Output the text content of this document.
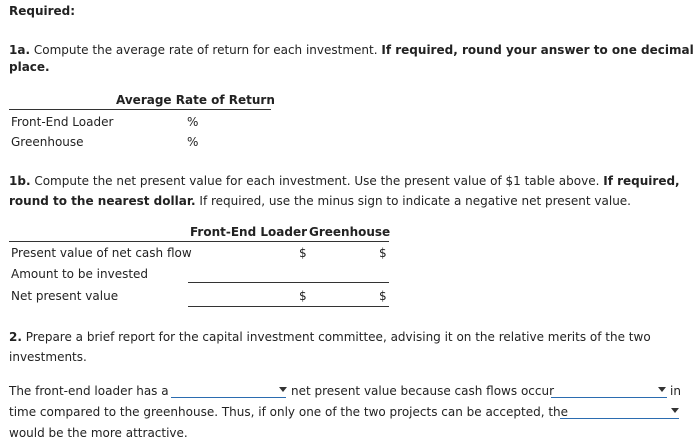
Required:
1a. Compute the average rate of return for each investment. If required, round your answer to one decimal
place.
Average Rate of Return
Front-End Loader	%
Greenhouse	%
1b. Compute the net present value for each investment. Use the present value of $1 table above. If required,
round to the nearest dollar. If required, use the minus sign to indicate a negative net present value.
Front-End Loader Greenhouse
Present value of net cash flow	$	$
Amount to be invested
Net present value	$	$
2. Prepare a brief report for the capital investment committee, advising it on the relative merits of the two
investments.
The front-end loader has a	net present value because cash flows occur	in
time compared to the greenhouse. Thus, if only one of the two projects can be accepted, the
would be the more attractive.
